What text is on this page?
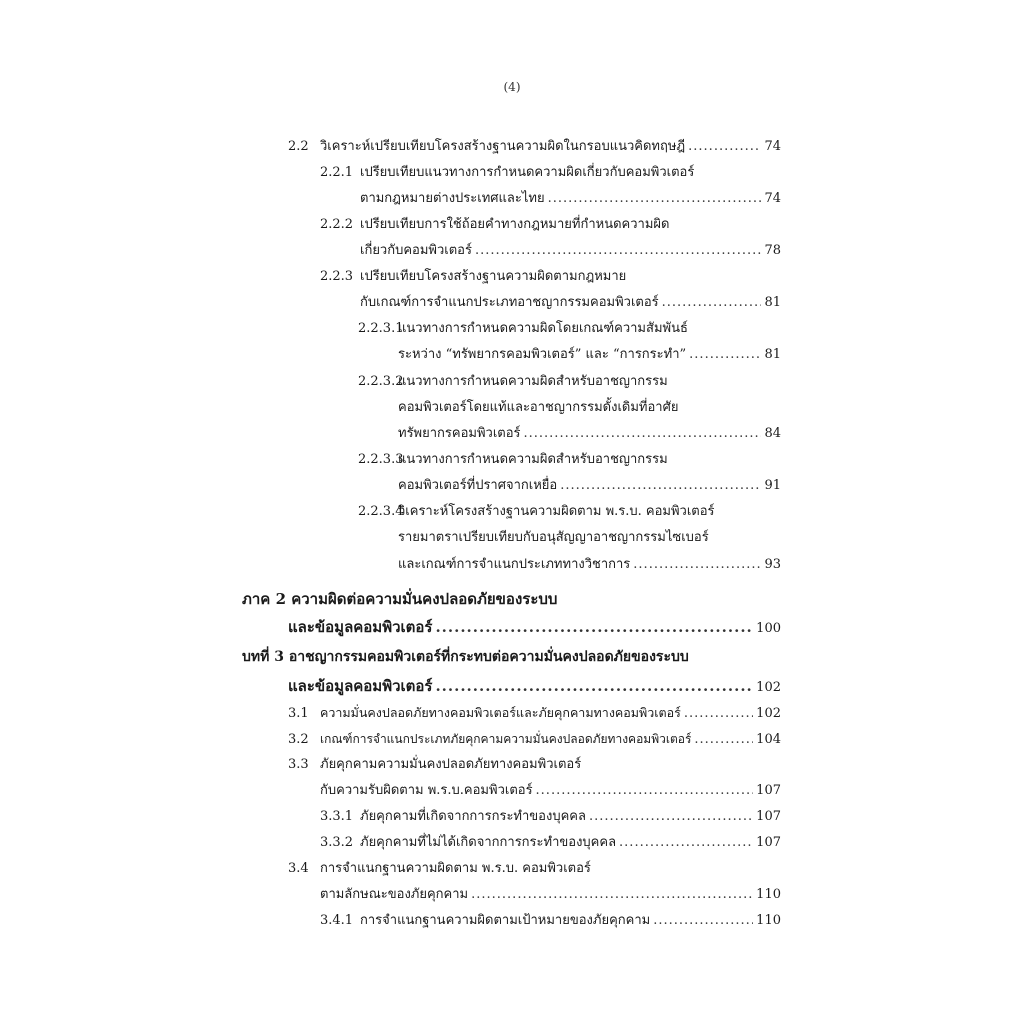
(4)
2.2 วิเคราะห์เปรียบเทียบโครงสร้างฐานความผิดในกรอบแนวคิดทฤษฎี .....	74
2.2.1 เปรียบเทียบแนวทางการกำหนดความผิดเกี่ยวกับคอมพิวเตอร์
ตามกฎหมายต่างประเทศและไทย .....	74
2.2.2 เปรียบเทียบการใช้ถ้อยคำทางกฎหมายที่กำหนดความผิด
เกี่ยวกับคอมพิวเตอร์ .....	78
2.2.3 เปรียบเทียบโครงสร้างฐานความผิดตามกฎหมาย
กับเกณฑ์การจำแนกประเภทอาชญากรรมคอมพิวเตอร์ .....	81
2.2.3.1
แนวทางการกำหนดความผิดโดยเกณฑ์ความสัมพันธ์
ระหว่าง “ทรัพยากรคอมพิวเตอร์” และ “การกระทำ” .....	81
2.2.3.2
แนวทางการกำหนดความผิดสำหรับอาชญากรรม
คอมพิวเตอร์โดยแท้และอาชญากรรมดั้งเดิมที่อาศัย
ทรัพยากรคอมพิวเตอร์ .....	84
2.2.3.3
แนวทางการกำหนดความผิดสำหรับอาชญากรรม
คอมพิวเตอร์ที่ปราศจากเหยื่อ .....	91
2.2.3.4
วิเคราะห์โครงสร้างฐานความผิดตาม พ.ร.บ. คอมพิวเตอร์
รายมาตราเปรียบเทียบกับอนุสัญญาอาชญากรรมไซเบอร์
และเกณฑ์การจำแนกประเภททางวิชาการ .....	93
ภาค 2 ความผิดต่อความมั่นคงปลอดภัยของระบบ
และข้อมูลคอมพิวเตอร์ .....	100
บทที่ 3 อาชญากรรมคอมพิวเตอร์ที่กระทบต่อความมั่นคงปลอดภัยของระบบ
และข้อมูลคอมพิวเตอร์ .....	102
3.1 ความมั่นคงปลอดภัยทางคอมพิวเตอร์และภัยคุกคามทางคอมพิวเตอร์ .....	102
3.2 เกณฑ์การจำแนกประเภทภัยคุกคามความมั่นคงปลอดภัยทางคอมพิวเตอร์ .....	104
3.3 ภัยคุกคามความมั่นคงปลอดภัยทางคอมพิวเตอร์
กับความรับผิดตาม พ.ร.บ.คอมพิวเตอร์ .....	107
3.3.1 ภัยคุกคามที่เกิดจากการกระทำของบุคคล .....	107
3.3.2 ภัยคุกคามที่ไม่ได้เกิดจากการกระทำของบุคคล .....	107
3.4 การจำแนกฐานความผิดตาม พ.ร.บ. คอมพิวเตอร์
ตามลักษณะของภัยคุกคาม .....	110
3.4.1 การจำแนกฐานความผิดตามเป้าหมายของภัยคุกคาม .....	110
